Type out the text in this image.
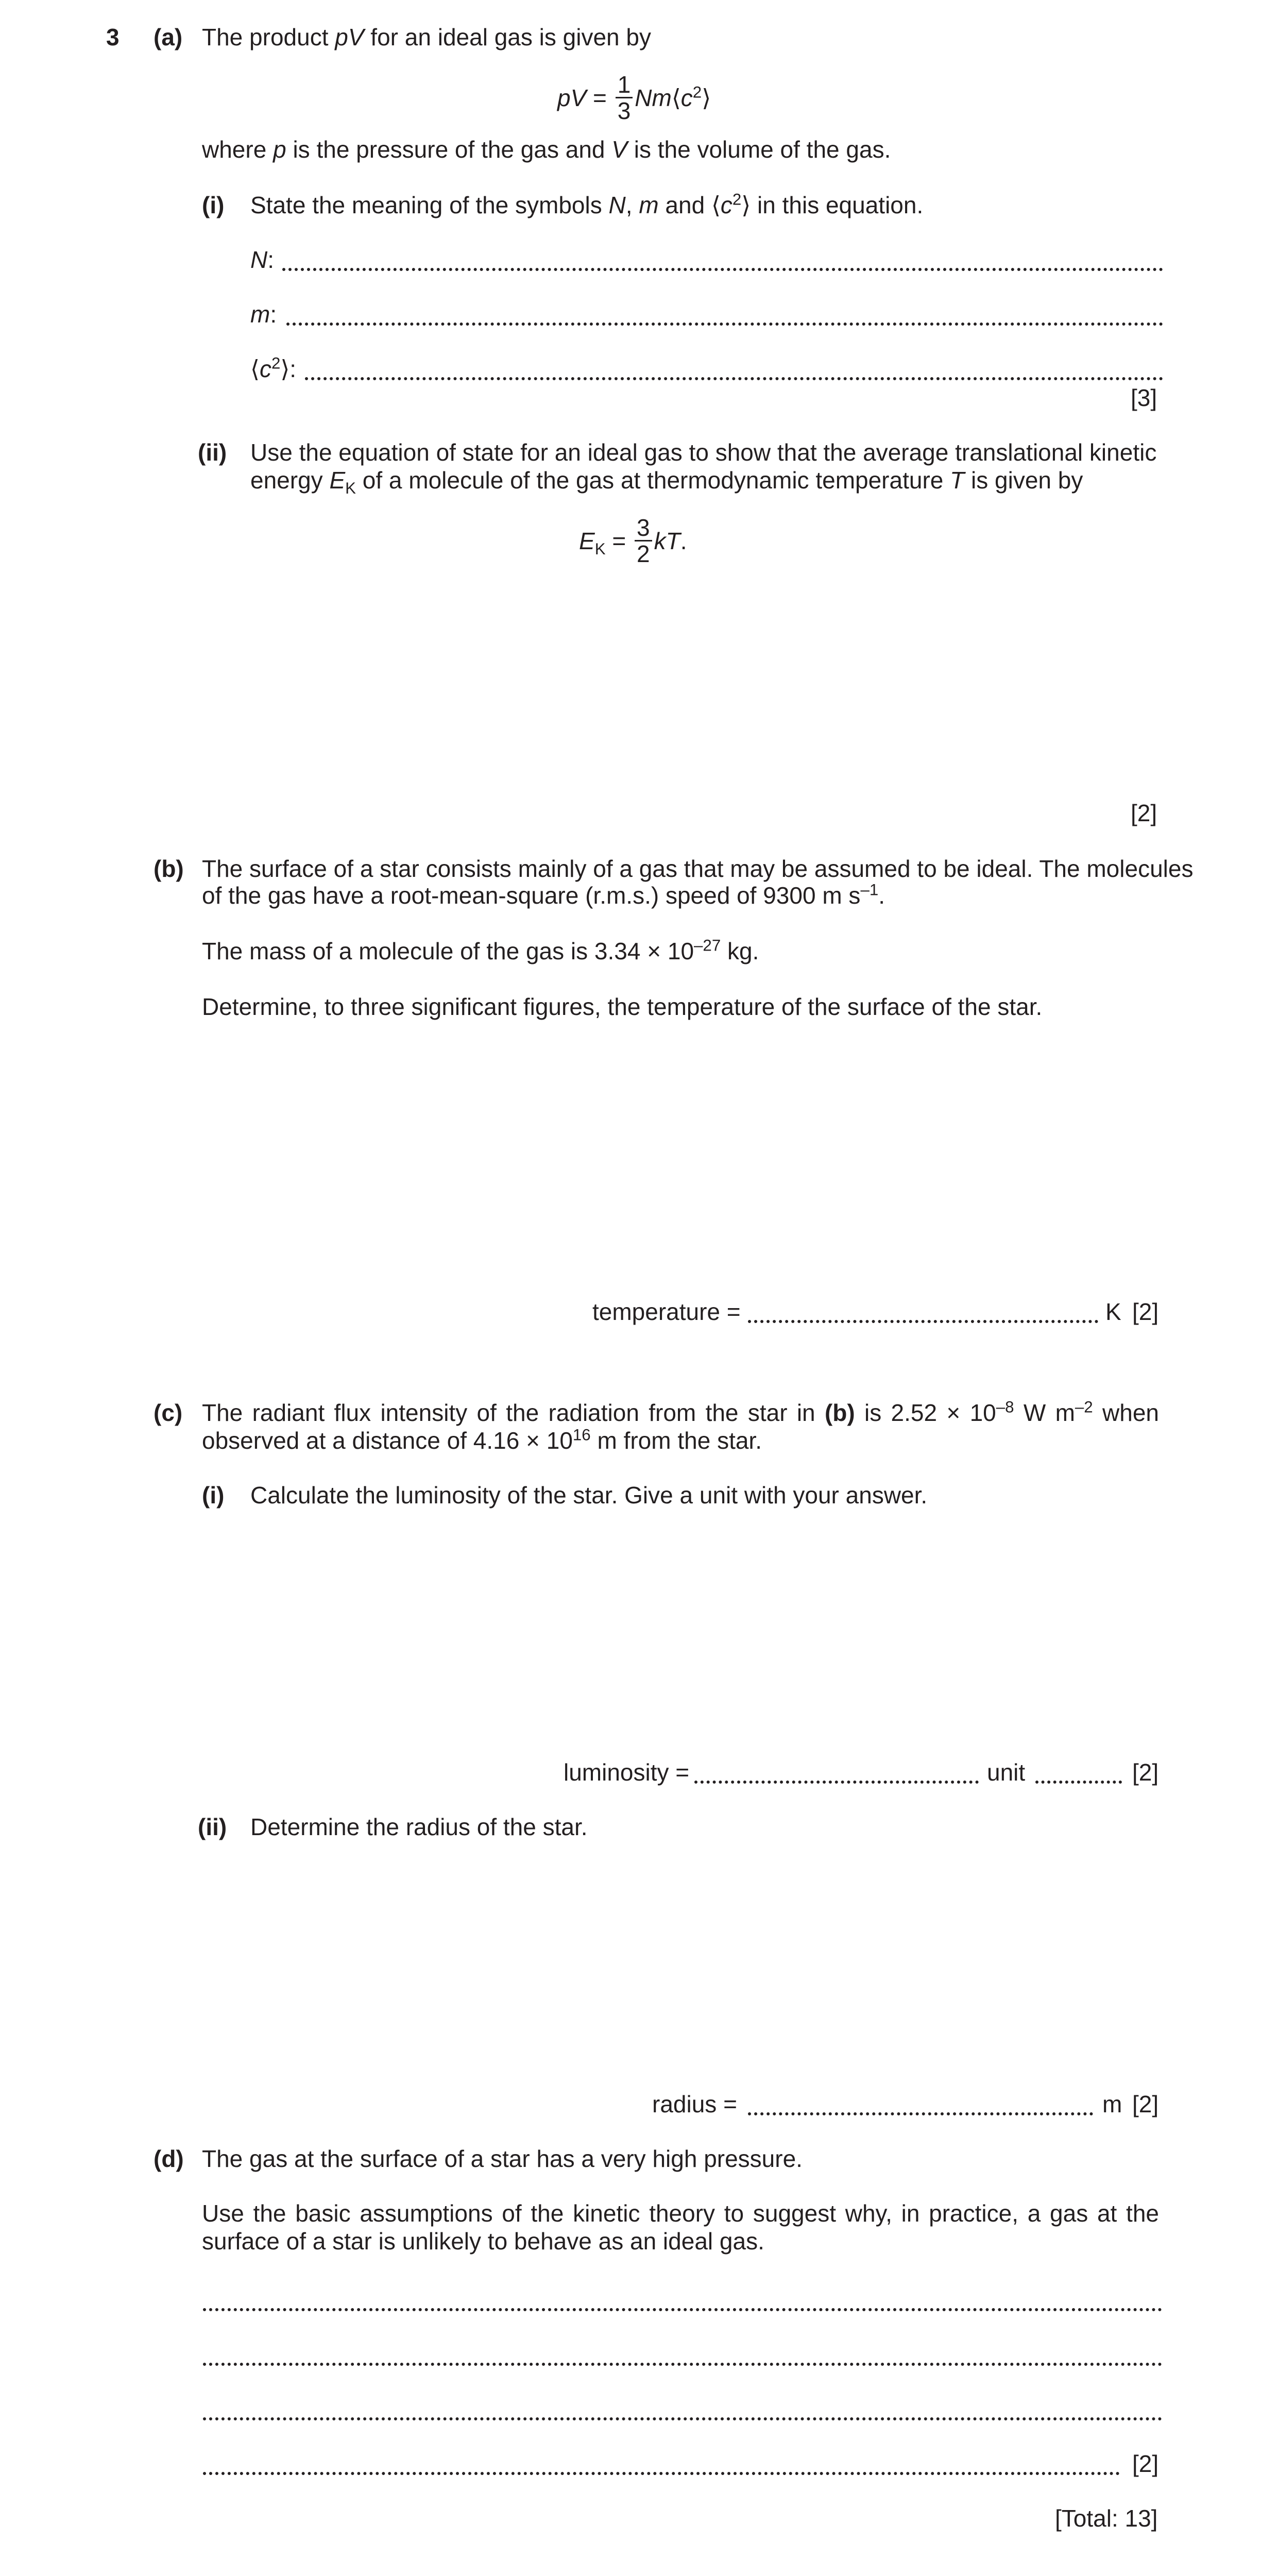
3 (a) The product pV for an ideal gas is given by
pV = $\frac{1}{3}$ $Nm⟨c^2⟩$
where p is the pressure of the gas and V is the volume of the gas.
(i) State the meaning of the symbols N, m and $⟨c^2⟩$ in this equation.
N:
m:
$⟨c^2⟩$:
[3]
(ii) Use the equation of state for an ideal gas to show that the average translational kinetic
energy $E_K$ of a molecule of the gas at thermodynamic temperature T is given by
$E_K = \frac{3}{2}$ kT.
[2]
(b) The surface of a star consists mainly of a gas that may be assumed to be ideal. The molecules
of the gas have a root-mean-square (r.m.s.) speed of 9300 m $s^{-1}$.
The mass of a molecule of the gas is $3.34 \times 10^{-27}$ kg.
Determine, to three significant figures, the temperature of the surface of the star.
temperature =	K [2]
(c) The radiant flux intensity of the radiation from the star in (b) is $2.52 \times 10^{-8}$ W $m^{-2}$ when
observed at a distance of $4.16 \times 10^{16}$ m from the star.
(i) Calculate the luminosity of the star. Give a unit with your answer.
luminosity =	unit	[2]
(ii) Determine the radius of the star.
radius =	m [2]
(d) The gas at the surface of a star has a very high pressure.
Use the basic assumptions of the kinetic theory to suggest why, in practice, a gas at the
surface of a star is unlikely to behave as an ideal gas.
[2]
[Total: 13]
